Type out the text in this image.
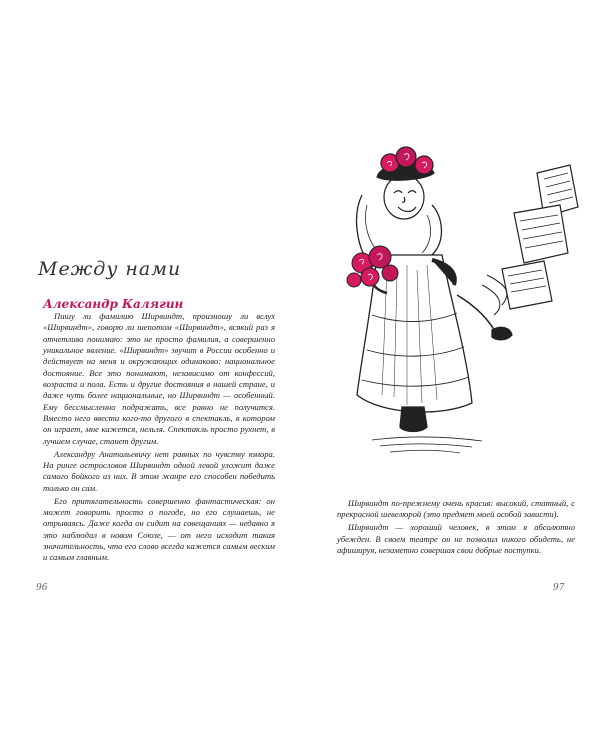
Между нами
Александр Калягин

Пишу ли фамилию Ширвиндт, произношу ли вслух «Ширвиндт», говорю ли шепотом «Ширвиндт», всякий раз я отчетливо понимаю: это не просто фамилия, а совершенно уникальное явление. «Ширвиндт» звучит в России особенно и действует на меня и окружающих одинаково: национальное достояние. Все это понимают, независимо от конфессий, возраста и пола. Есть и другие достояния в нашей стране, и даже чуть более национальные, но Ширвиндт — особенный. Ему бессмысленно подражать, все равно не получится. Вместо него ввести кого-то другого в спектакль, в котором он играет, мне кажется, нельзя. Спектакль просто рухнет, в лучшем случае, станет другим.

Александру Анатольевичу нет равных по чувству юмора. На ринге острословов Ширвиндт одной левой уложит даже самого бойкого из них. В этом жанре его способен победить только он сам.

Его притягательность совершенно фантастическая: он может говорить просто о погоде, но его слушаешь, не отрываясь. Даже когда он сидит на совещаниях — недавно я это наблюдал в новом Союзе, — от него исходит такая значительность, что его слово всегда кажется самым веским и самым главным.

96

Ширвиндт по-прежнему очень красив: высокий, статный, с прекрасной шевелюрой (это предмет моей особой зависти).

Ширвиндт — хороший человек, в этом я абсолютно убежден. В своем театре он не позволил никого обидеть, не афишируя, незаметно совершая свои добрые поступки.

97
